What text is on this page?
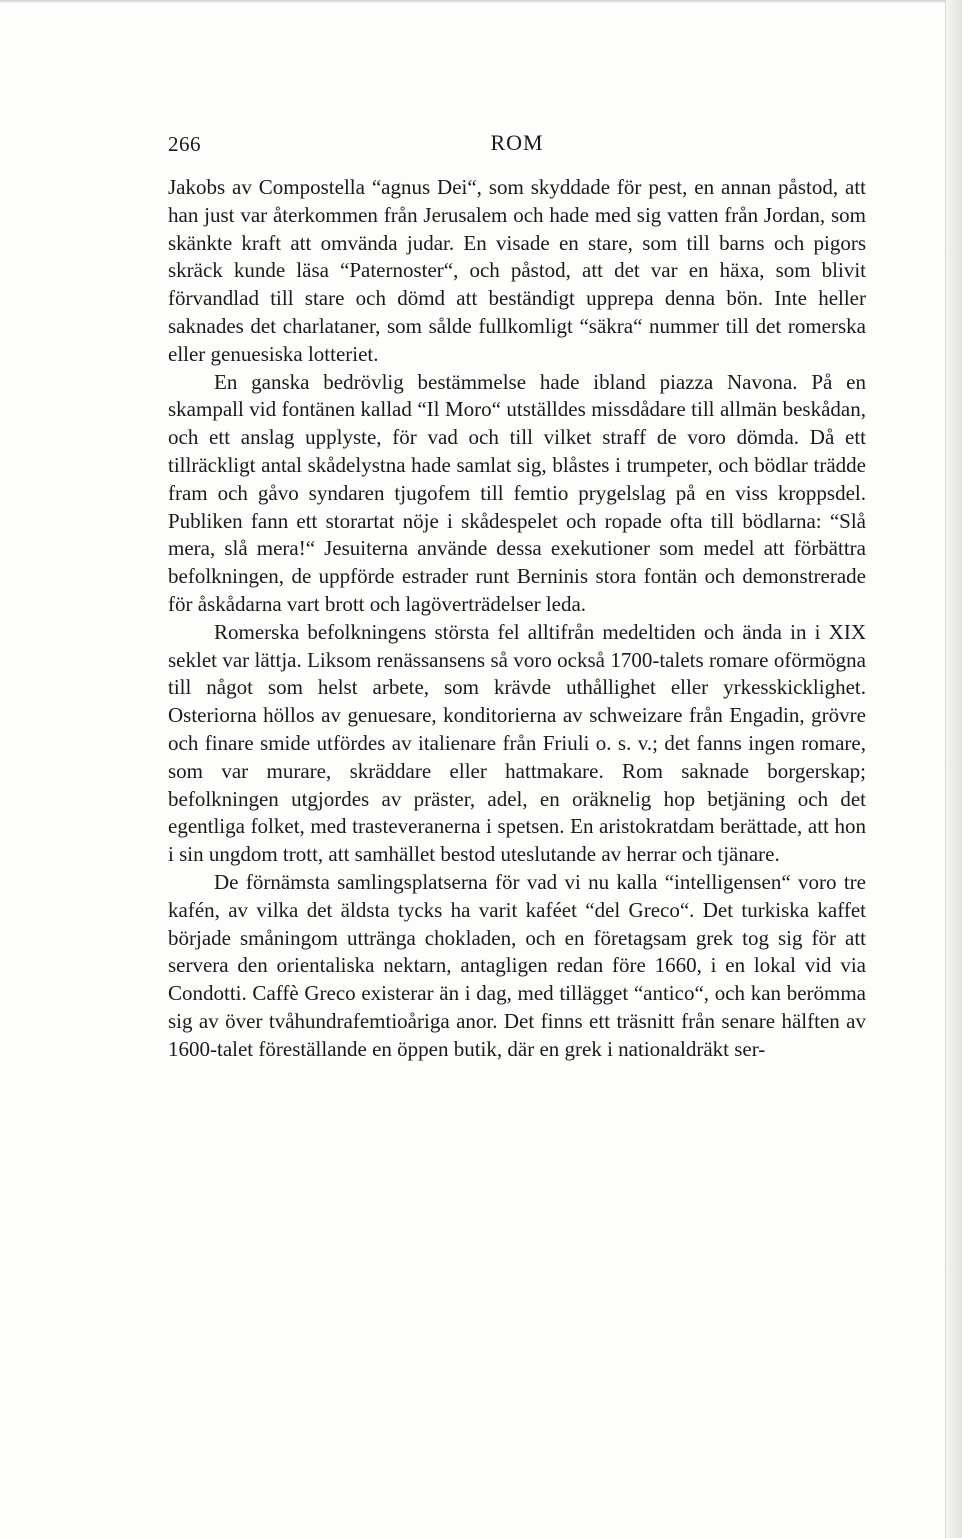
266	ROM

Jakobs av Compostella “agnus Dei“, som skyddade för pest, en annan påstod, att han just var återkommen från Jerusalem och hade med sig vatten från Jordan, som skänkte kraft att omvända judar. En visade en stare, som till barns och pigors skräck kunde läsa “Paternoster“, och påstod, att det var en häxa, som blivit förvandlad till stare och dömd att beständigt upprepa denna bön. Inte heller saknades det charlataner, som sålde fullkomligt “säkra“ nummer till det romerska eller genuesiska lotteriet.

En ganska bedrövlig bestämmelse hade ibland piazza Navona. På en skampall vid fontänen kallad “Il Moro“ utställdes missdådare till allmän beskådan, och ett anslag upplyste, för vad och till vilket straff de voro dömda. Då ett tillräckligt antal skådelystna hade samlat sig, blåstes i trumpeter, och bödlar trädde fram och gåvo syndaren tjugofem till femtio prygelslag på en viss kroppsdel. Publiken fann ett storartat nöje i skådespelet och ropade ofta till bödlarna: “Slå mera, slå mera!“ Jesuiterna använde dessa exekutioner som medel att förbättra befolkningen, de uppförde estrader runt Berninis stora fontän och demonstrerade för åskådarna vart brott och lagöverträdelser leda.

Romerska befolkningens största fel alltifrån medeltiden och ända in i XIX seklet var lättja. Liksom renässansens så voro också 1700-talets romare oförmögna till något som helst arbete, som krävde uthållighet eller yrkesskicklighet. Osteriorna höllos av genuesare, konditorierna av schweizare från Engadin, grövre och finare smide utfördes av italienare från Friuli o. s. v.; det fanns ingen romare, som var murare, skräddare eller hattmakare. Rom saknade borgerskap; befolkningen utgjordes av präster, adel, en oräknelig hop betjäning och det egentliga folket, med trasteveranerna i spetsen. En aristokratdam berättade, att hon i sin ungdom trott, att samhället bestod uteslutande av herrar och tjänare.

De förnämsta samlingsplatserna för vad vi nu kalla “intelligensen“ voro tre kafén, av vilka det äldsta tycks ha varit kaféet “del Greco“. Det turkiska kaffet började småningom uttränga chokladen, och en företagsam grek tog sig för att servera den orientaliska nektarn, antagligen redan före 1660, i en lokal vid via Condotti. Caffè Greco existerar än i dag, med tillägget “antico“, och kan berömma sig av över tvåhundrafemtioåriga anor. Det finns ett träsnitt från senare hälften av 1600-talet föreställande en öppen butik, där en grek i nationaldräkt ser-
